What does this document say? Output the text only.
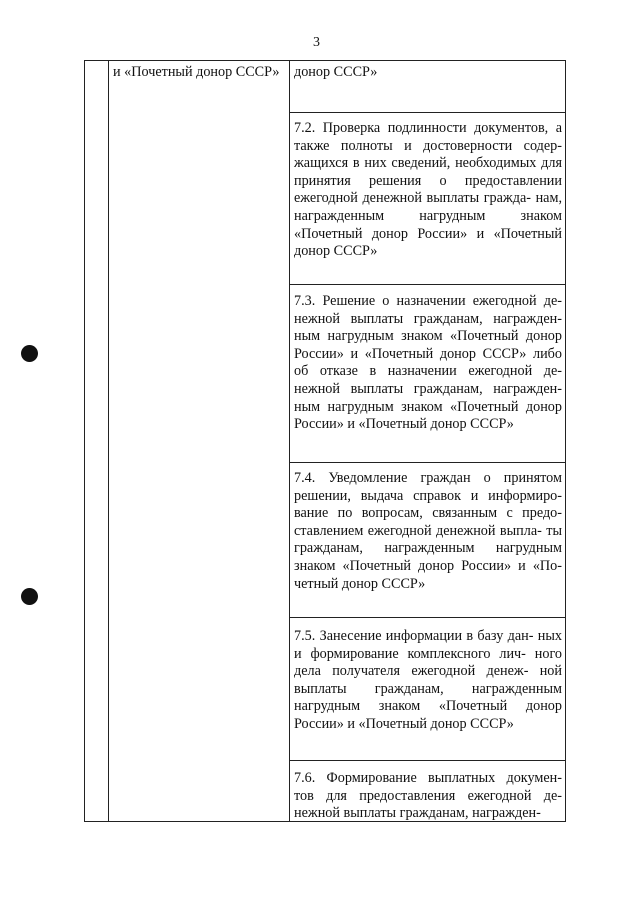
3
и «Почетный донор СССР»	донор СССР»
7.2. Проверка подлинности документов, а также полноты и достоверности содер- жащихся в них сведений, необходимых для принятия решения о предоставлении ежегодной денежной выплаты гражда- нам, награжденным нагрудным знаком «Почетный донор России» и «Почетный донор СССР»
7.3. Решение о назначении ежегодной де- нежной выплаты гражданам, награжден- ным нагрудным знаком «Почетный донор России» и «Почетный донор СССР» либо об отказе в назначении ежегодной де- нежной выплаты гражданам, награжден- ным нагрудным знаком «Почетный донор России» и «Почетный донор СССР»
7.4. Уведомление граждан о принятом решении, выдача справок и информиро- вание по вопросам, связанным с предо- ставлением ежегодной денежной выпла- ты гражданам, награжденным нагрудным знаком «Почетный донор России» и «По- четный донор СССР»
7.5. Занесение информации в базу дан- ных и формирование комплексного лич- ного дела получателя ежегодной денеж- ной выплаты гражданам, награжденным нагрудным знаком «Почетный донор России» и «Почетный донор СССР»
7.6. Формирование выплатных докумен- тов для предоставления ежегодной де- нежной выплаты гражданам, награжден-
